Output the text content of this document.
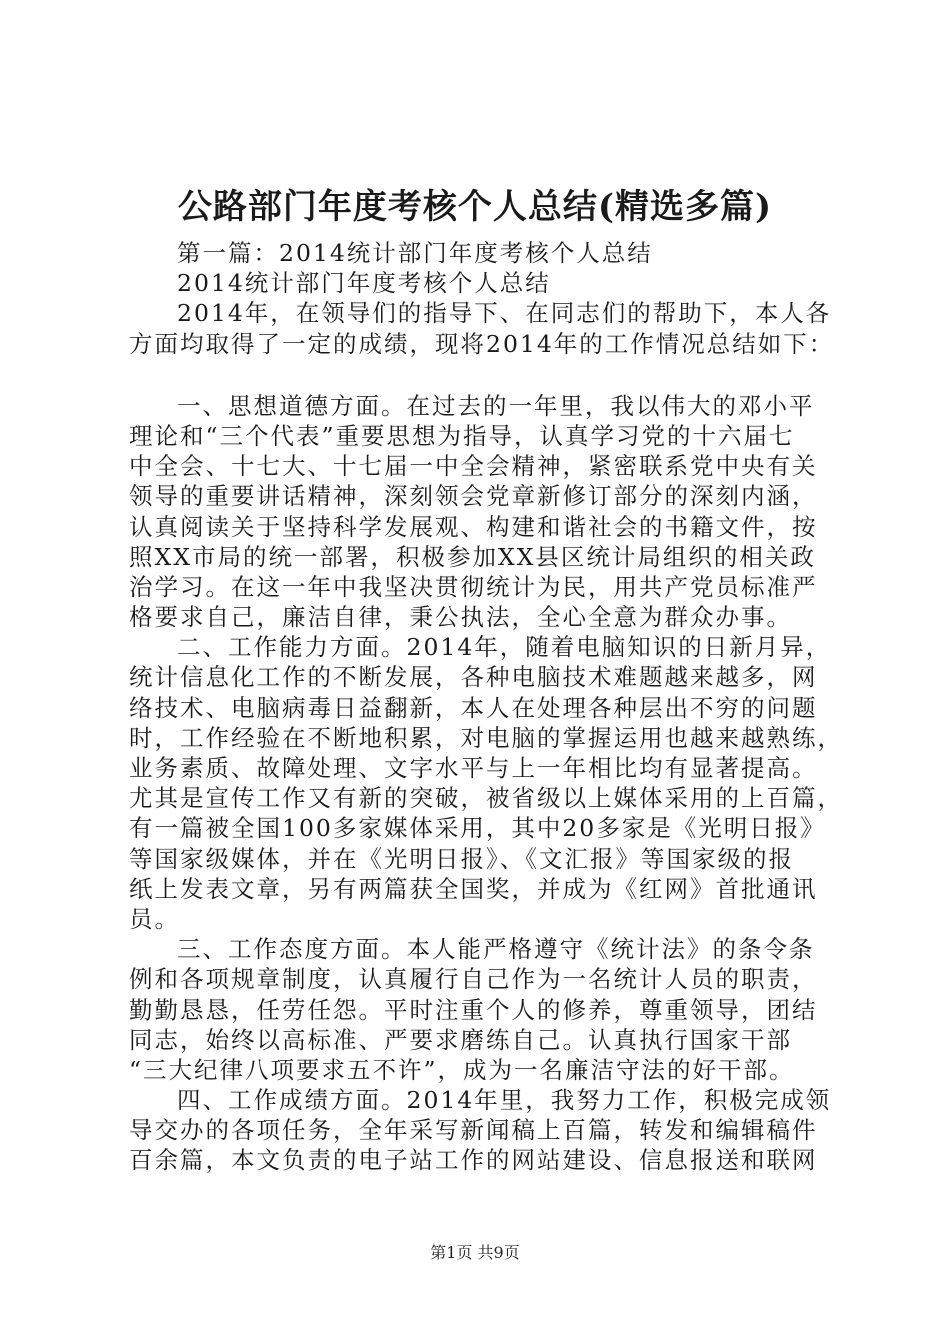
公路部门年度考核个人总结(精选多篇)
第一篇：2014统计部门年度考核个人总结
2014统计部门年度考核个人总结
2014年，在领导们的指导下、在同志们的帮助下，本人各
方面均取得了一定的成绩，现将2014年的工作情况总结如下：
一、思想道德方面。在过去的一年里，我以伟大的邓小平
理论和“三个代表”重要思想为指导，认真学习党的十六届七
中全会、十七大、十七届一中全会精神，紧密联系党中央有关
领导的重要讲话精神，深刻领会党章新修订部分的深刻内涵，
认真阅读关于坚持科学发展观、构建和谐社会的书籍文件，按
照XX市局的统一部署，积极参加XX县区统计局组织的相关政
治学习。在这一年中我坚决贯彻统计为民，用共产党员标准严
格要求自己，廉洁自律，秉公执法，全心全意为群众办事。
二、工作能力方面。2014年，随着电脑知识的日新月异，
统计信息化工作的不断发展，各种电脑技术难题越来越多，网
络技术、电脑病毒日益翻新，本人在处理各种层出不穷的问题
时，工作经验在不断地积累，对电脑的掌握运用也越来越熟练，
业务素质、故障处理、文字水平与上一年相比均有显著提高。
尤其是宣传工作又有新的突破，被省级以上媒体采用的上百篇，
有一篇被全国100多家媒体采用，其中20多家是《光明日报》
等国家级媒体，并在《光明日报》、《文汇报》等国家级的报
纸上发表文章，另有两篇获全国奖，并成为《红网》首批通讯
员。
三、工作态度方面。本人能严格遵守《统计法》的条令条
例和各项规章制度，认真履行自己作为一名统计人员的职责，
勤勤恳恳，任劳任怨。平时注重个人的修养，尊重领导，团结
同志，始终以高标准、严要求磨练自己。认真执行国家干部
“三大纪律八项要求五不许”，成为一名廉洁守法的好干部。
四、工作成绩方面。2014年里，我努力工作，积极完成领
导交办的各项任务，全年采写新闻稿上百篇，转发和编辑稿件
百余篇，本文负责的电子站工作的网站建设、信息报送和联网
第1页 共9页
